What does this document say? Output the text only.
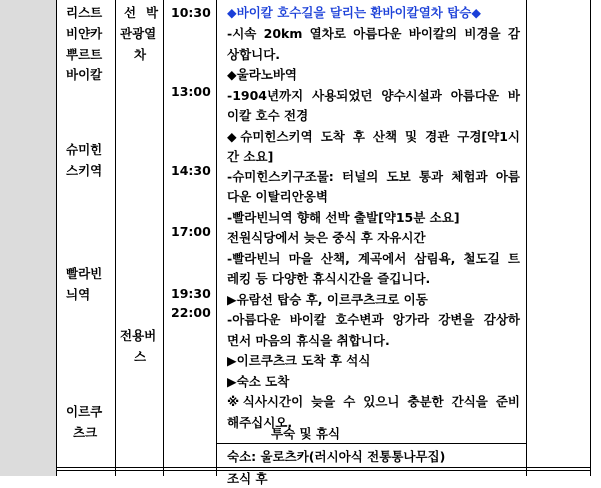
리스트
비얀카
뿌르트
바이칼
슈미힌
스키역
빨라빈
늬역
이르쿠
츠크
선 박
관광열
차
전용버
스
10:30
13:00
14:30
17:00
19:30
22:00
◆바이칼 호수길을 달리는 환바이칼열차 탑승◆
-시속 20km 열차로 아름다운 바이칼의 비경을 감
상합니다.
◆울라노바역
-1904년까지 사용되었던 양수시설과 아름다운 바
이칼 호수 전경
◆슈미힌스키역 도착 후 산책 및 경관 구경[약1시
간 소요]
-슈미힌스키구조물: 터널의 도보 통과 체험과 아름
다운 이탈리안옹벽
-빨라빈늬역 향해 선박 출발[약15분 소요]
전원식당에서 늦은 중식 후 자유시간
-빨라빈늬 마을 산책, 계곡에서 삼림욕, 철도길 트
레킹 등 다양한 휴식시간을 즐깁니다.
▶유람선 탑승 후, 이르쿠츠크로 이동
-아름다운 바이칼 호수변과 앙가라 강변을 감상하
면서 마음의 휴식을 취합니다.
▶이르쿠츠크 도착 후 석식
▶숙소 도착
※식사시간이 늦을 수 있으니 충분한 간식을 준비
해주십시오.
투숙 및 휴식
숙소: 울로츠카(러시아식 전통통나무집)
조식 후
